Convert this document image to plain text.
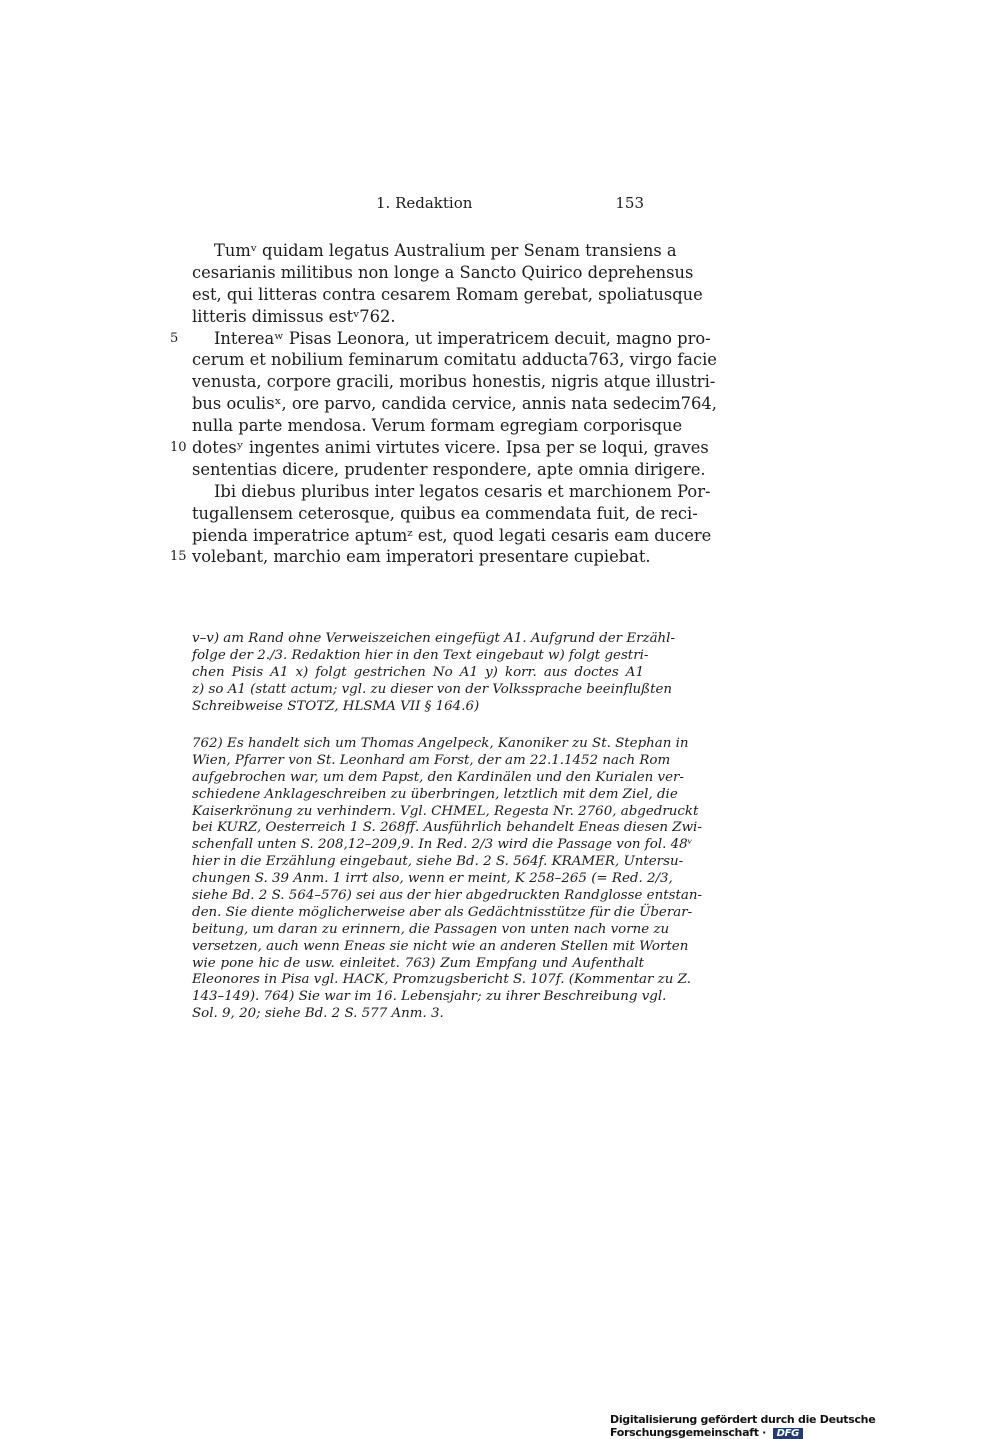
1. Redaktion	153
Tumᵛ quidam legatus Australium per Senam transiens a
cesarianis militibus non longe a Sancto Quirico deprehensus
est, qui litteras contra cesarem Romam gerebat, spoliatusque
litteris dimissus estᵛ762.
5	Intereaʷ Pisas Leonora, ut imperatricem decuit, magno pro-
cerum et nobilium feminarum comitatu adducta763, virgo facie
venusta, corpore gracili, moribus honestis, nigris atque illustri-
bus oculisˣ, ore parvo, candida cervice, annis nata sedecim764,
nulla parte mendosa. Verum formam egregiam corporisque
10 dotesʸ ingentes animi virtutes vicere. Ipsa per se loqui, graves
sententias dicere, prudenter respondere, apte omnia dirigere.
Ibi diebus pluribus inter legatos cesaris et marchionem Por-
tugallensem ceterosque, quibus ea commendata fuit, de reci-
pienda imperatrice aptumᶻ est, quod legati cesaris eam ducere
15 volebant, marchio eam imperatori presentare cupiebat.
v–v) am Rand ohne Verweiszeichen eingefügt A1. Aufgrund der Erzähl-
folge der 2./3. Redaktion hier in den Text eingebaut w) folgt gestri-
chen Pisis A1 x) folgt gestrichen No A1 y) korr. aus doctes A1
z) so A1 (statt actum; vgl. zu dieser von der Volkssprache beeinflußten
Schreibweise STOTZ, HLSMA VII § 164.6)
762) Es handelt sich um Thomas Angelpeck, Kanoniker zu St. Stephan in
Wien, Pfarrer von St. Leonhard am Forst, der am 22.1.1452 nach Rom
aufgebrochen war, um dem Papst, den Kardinälen und den Kurialen ver-
schiedene Anklageschreiben zu überbringen, letztlich mit dem Ziel, die
Kaiserkrönung zu verhindern. Vgl. CHMEL, Regesta Nr. 2760, abgedruckt
bei KURZ, Oesterreich 1 S. 268ff. Ausführlich behandelt Eneas diesen Zwi-
schenfall unten S. 208,12–209,9. In Red. 2/3 wird die Passage von fol. 48ᵛ
hier in die Erzählung eingebaut, siehe Bd. 2 S. 564f. KRAMER, Untersu-
chungen S. 39 Anm. 1 irrt also, wenn er meint, K 258–265 (= Red. 2/3,
siehe Bd. 2 S. 564–576) sei aus der hier abgedruckten Randglosse entstan-
den. Sie diente möglicherweise aber als Gedächtnisstütze für die Überar-
beitung, um daran zu erinnern, die Passagen von unten nach vorne zu
versetzen, auch wenn Eneas sie nicht wie an anderen Stellen mit Worten
wie pone hic de usw. einleitet. 763) Zum Empfang und Aufenthalt
Eleonores in Pisa vgl. HACK, Promzugsbericht S. 107f. (Kommentar zu Z.
143–149). 764) Sie war im 16. Lebensjahr; zu ihrer Beschreibung vgl.
Sol. 9, 20; siehe Bd. 2 S. 577 Anm. 3.
Digitalisierung gefördert durch die Deutsche Forschungsgemeinschaft · DFG
